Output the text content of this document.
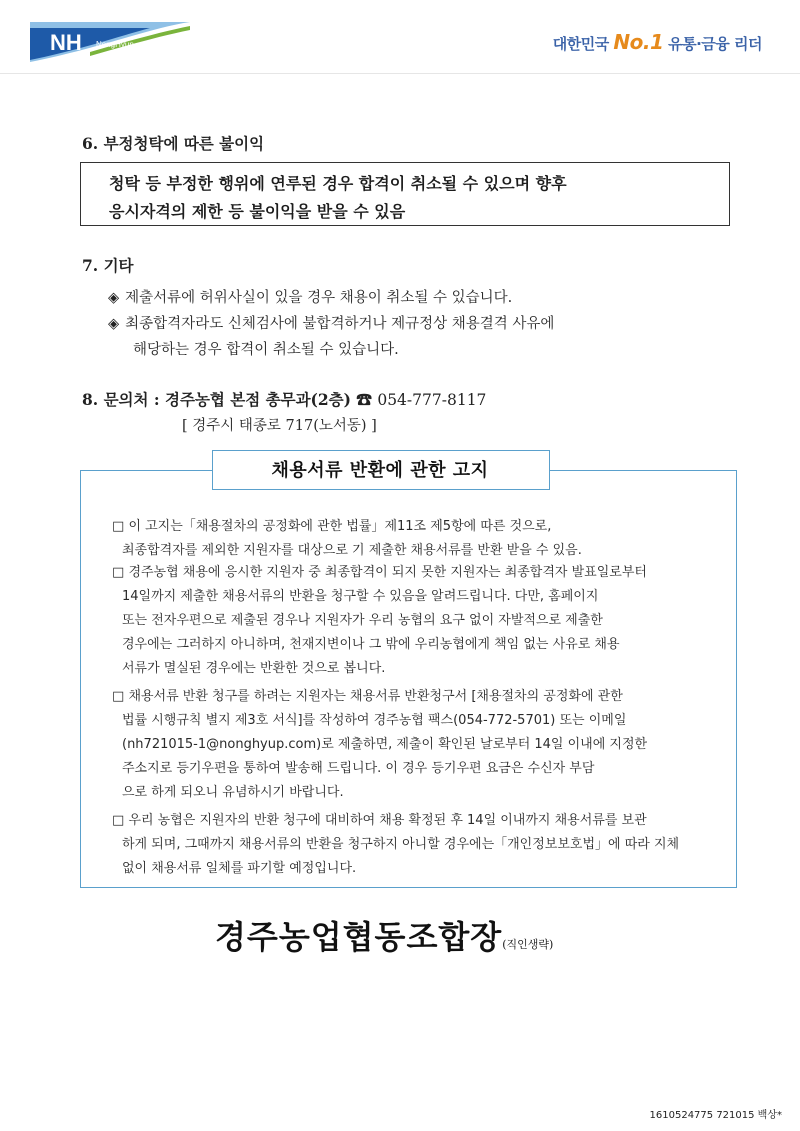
NH NongHyup	대한민국 No.1 유통·금융 리더
6. 부정청탁에 따른 불이익
청탁 등 부정한 행위에 연루된 경우 합격이 취소될 수 있으며 향후
응시자격의 제한 등 불이익을 받을 수 있음
7. 기타
◈ 제출서류에 허위사실이 있을 경우 채용이 취소될 수 있습니다.
◈ 최종합격자라도 신체검사에 불합격하거나 제규정상 채용결격 사유에
해당하는 경우 합격이 취소될 수 있습니다.
8. 문의처 : 경주농협 본점 총무과(2층) ☎ 054-777-8117
[ 경주시 태종로 717(노서동) ]
채용서류 반환에 관한 고지
□ 이 고지는「채용절차의 공정화에 관한 법률」제11조 제5항에 따른 것으로,
최종합격자를 제외한 지원자를 대상으로 기 제출한 채용서류를 반환 받을 수 있음.
□ 경주농협 채용에 응시한 지원자 중 최종합격이 되지 못한 지원자는 최종합격자 발표일로부터
14일까지 제출한 채용서류의 반환을 청구할 수 있음을 알려드립니다. 다만, 홈페이지
또는 전자우편으로 제출된 경우나 지원자가 우리 농협의 요구 없이 자발적으로 제출한
경우에는 그러하지 아니하며, 천재지변이나 그 밖에 우리농협에게 책임 없는 사유로 채용
서류가 멸실된 경우에는 반환한 것으로 봅니다.
□ 채용서류 반환 청구를 하려는 지원자는 채용서류 반환청구서 [채용절차의 공정화에 관한
법률 시행규칙 별지 제3호 서식]를 작성하여 경주농협 팩스(054-772-5701) 또는 이메일
(nh721015-1@nonghyup.com)로 제출하면, 제출이 확인된 날로부터 14일 이내에 지정한
주소지로 등기우편을 통하여 발송해 드립니다. 이 경우 등기우편 요금은 수신자 부담
으로 하게 되오니 유념하시기 바랍니다.
□ 우리 농협은 지원자의 반환 청구에 대비하여 채용 확정된 후 14일 이내까지 채용서류를 보관
하게 되며, 그때까지 채용서류의 반환을 청구하지 아니할 경우에는「개인정보보호법」에 따라 지체
없이 채용서류 일체를 파기할 예정입니다.
경주농업협동조합장(직인생략)
1610524775 721015 백상*
